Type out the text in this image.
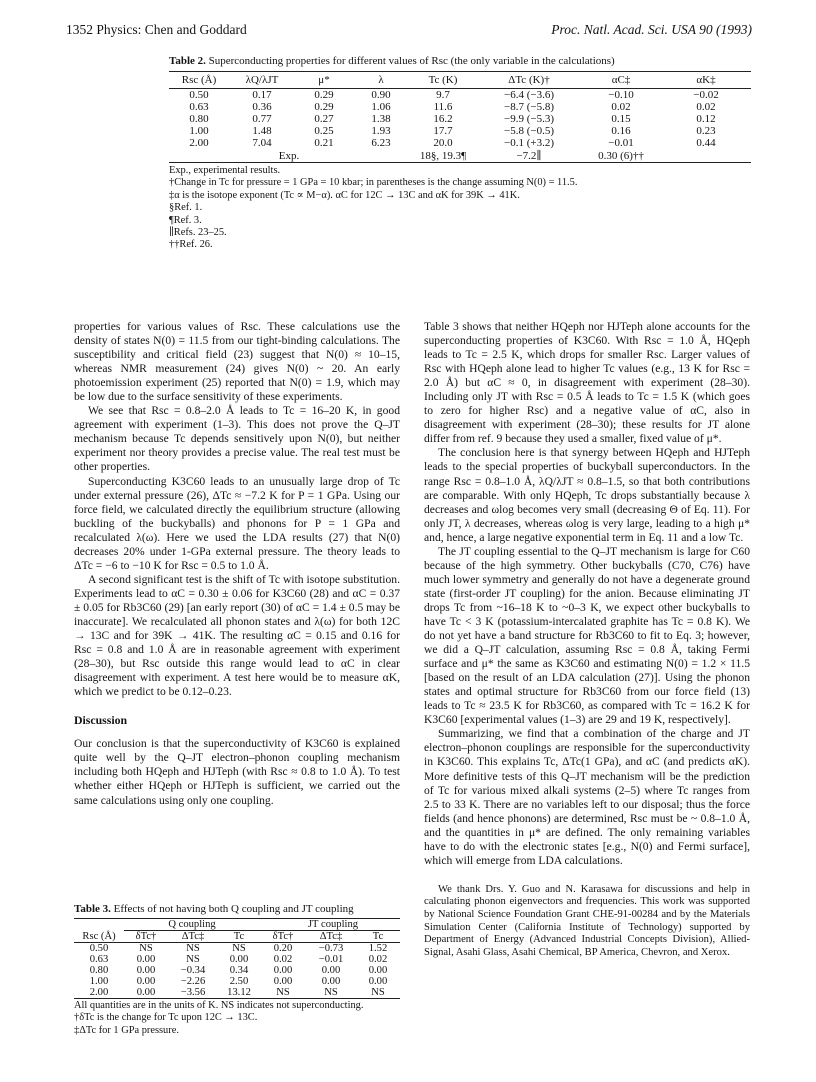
1352 Physics: Chen and Goddard	Proc. Natl. Acad. Sci. USA 90 (1993)
Table 2. Superconducting properties for different values of Rsc (the only variable in the calculations)
Rsc (Å)	λQ/λJT	μ*	λ	Tc (K)	ΔTc (K)†	αC‡	αK‡
0.50	0.17	0.29	0.90	9.7	−6.4 (−3.6)	−0.10	−0.02
0.63	0.36	0.29	1.06	11.6	−8.7 (−5.8)	0.02	0.02
0.80	0.77	0.27	1.38	16.2	−9.9 (−5.3)	0.15	0.12
1.00	1.48	0.25	1.93	17.7	−5.8 (−0.5)	0.16	0.23
2.00	7.04	0.21	6.23	20.0	−0.1 (+3.2)	−0.01	0.44
Exp.				18§, 19.3¶	−7.2∥	0.30 (6)††	

Exp., experimental results.
†Change in Tc for pressure = 1 GPa = 10 kbar; in parentheses is the change assuming N(0) = 11.5.
‡α is the isotope exponent (Tc ∝ M−α). αC for 12C → 13C and αK for 39K → 41K.
§Ref. 1.
¶Ref. 3.
∥Refs. 23–25.
††Ref. 26.

properties for various values of Rsc. These calculations use the density of states N(0) = 11.5 from our tight-binding calculations. The susceptibility and critical field (23) suggest that N(0) ≈ 10–15, whereas NMR measurement (24) gives N(0) ~ 20. An early photoemission experiment (25) reported that N(0) = 1.9, which may be low due to the surface sensitivity of these experiments.

We see that Rsc = 0.8–2.0 Å leads to Tc = 16–20 K, in good agreement with experiment (1–3). This does not prove the Q–JT mechanism because Tc depends sensitively upon N(0), but neither experiment nor theory provides a precise value. The real test must be other properties.

Superconducting K3C60 leads to an unusually large drop of Tc under external pressure (26), ΔTc ≈ −7.2 K for P = 1 GPa. Using our force field, we calculated directly the equilibrium structure (allowing buckling of the buckyballs) and phonons for P = 1 GPa and recalculated λ(ω). Here we used the LDA results (27) that N(0) decreases 20% under 1-GPa external pressure. The theory leads to ΔTc = −6 to −10 K for Rsc = 0.5 to 1.0 Å.

A second significant test is the shift of Tc with isotope substitution. Experiments lead to αC = 0.30 ± 0.06 for K3C60 (28) and αC = 0.37 ± 0.05 for Rb3C60 (29) [an early report (30) of αC = 1.4 ± 0.5 may be inaccurate]. We recalculated all phonon states and λ(ω) for both 12C → 13C and for 39K → 41K. The resulting αC = 0.15 and 0.16 for Rsc = 0.8 and 1.0 Å are in reasonable agreement with experiment (28–30), but Rsc outside this range would lead to αC in clear disagreement with experiment. A test here would be to measure αK, which we predict to be 0.12–0.23.

Discussion

Our conclusion is that the superconductivity of K3C60 is explained quite well by the Q–JT electron–phonon coupling mechanism including both HQeph and HJTeph (with Rsc ≈ 0.8 to 1.0 Å). To test whether either HQeph or HJTeph is sufficient, we carried out the same calculations using only one coupling.

Table 3. Effects of not having both Q coupling and JT coupling
	Q coupling			JT coupling		
Rsc (Å)	δTc†	ΔTc‡	Tc	δTc†	ΔTc‡	Tc
0.50	NS	NS	NS	0.20	−0.73	1.52
0.63	0.00	NS	0.00	0.02	−0.01	0.02
0.80	0.00	−0.34	0.34	0.00	0.00	0.00
1.00	0.00	−2.26	2.50	0.00	0.00	0.00
2.00	0.00	−3.56	13.12	NS	NS	NS
All quantities are in the units of K. NS indicates not superconducting.
†δTc is the change for Tc upon 12C → 13C.
‡ΔTc for 1 GPa pressure.

Table 3 shows that neither HQeph nor HJTeph alone accounts for the superconducting properties of K3C60. With Rsc = 1.0 Å, HQeph leads to Tc = 2.5 K, which drops for smaller Rsc. Larger values of Rsc with HQeph alone lead to higher Tc values (e.g., 13 K for Rsc = 2.0 Å) but αC ≈ 0, in disagreement with experiment (28–30). Including only JT with Rsc = 0.5 Å leads to Tc = 1.5 K (which goes to zero for higher Rsc) and a negative value of αC, also in disagreement with experiment (28–30); these results for JT alone differ from ref. 9 because they used a smaller, fixed value of μ*.

The conclusion here is that synergy between HQeph and HJTeph leads to the special properties of buckyball superconductors. In the range Rsc = 0.8–1.0 Å, λQ/λJT ≈ 0.8–1.5, so that both contributions are comparable. With only HQeph, Tc drops substantially because λ decreases and ωlog becomes very small (decreasing Θ of Eq. 11). For only JT, λ decreases, whereas ωlog is very large, leading to a high μ* and, hence, a large negative exponential term in Eq. 11 and a low Tc.

The JT coupling essential to the Q–JT mechanism is large for C60 because of the high symmetry. Other buckyballs (C70, C76) have much lower symmetry and generally do not have a degenerate ground state (first-order JT coupling) for the anion. Because eliminating JT drops Tc from ~16–18 K to ~0–3 K, we expect other buckyballs to have Tc < 3 K (potassium-intercalated graphite has Tc = 0.8 K). We do not yet have a band structure for Rb3C60 to fit to Eq. 3; however, we did a Q–JT calculation, assuming Rsc = 0.8 Å, taking Fermi surface and μ* the same as K3C60 and estimating N(0) = 1.2 × 11.5 [based on the result of an LDA calculation (27)]. Using the phonon states and optimal structure for Rb3C60 from our force field (13) leads to Tc ≈ 23.5 K for Rb3C60, as compared with Tc = 16.2 K for K3C60 [experimental values (1–3) are 29 and 19 K, respectively].

Summarizing, we find that a combination of the charge and JT electron–phonon couplings are responsible for the superconductivity in K3C60. This explains Tc, ΔTc(1 GPa), and αC (and predicts αK). More definitive tests of this Q–JT mechanism will be the prediction of Tc for various mixed alkali systems (2–5) where Tc ranges from 2.5 to 33 K. There are no variables left to our disposal; thus the force fields (and hence phonons) are determined, Rsc must be ~ 0.8–1.0 Å, and the quantities in μ* are defined. The only remaining variables have to do with the electronic states [e.g., N(0) and Fermi surface], which will emerge from LDA calculations.

We thank Drs. Y. Guo and N. Karasawa for discussions and help in calculating phonon eigenvectors and frequencies. This work was supported by National Science Foundation Grant CHE-91-00284 and by the Materials Simulation Center (California Institute of Technology) supported by Department of Energy (Advanced Industrial Concepts Division), Allied-Signal, Asahi Glass, Asahi Chemical, BP America, Chevron, and Xerox.
